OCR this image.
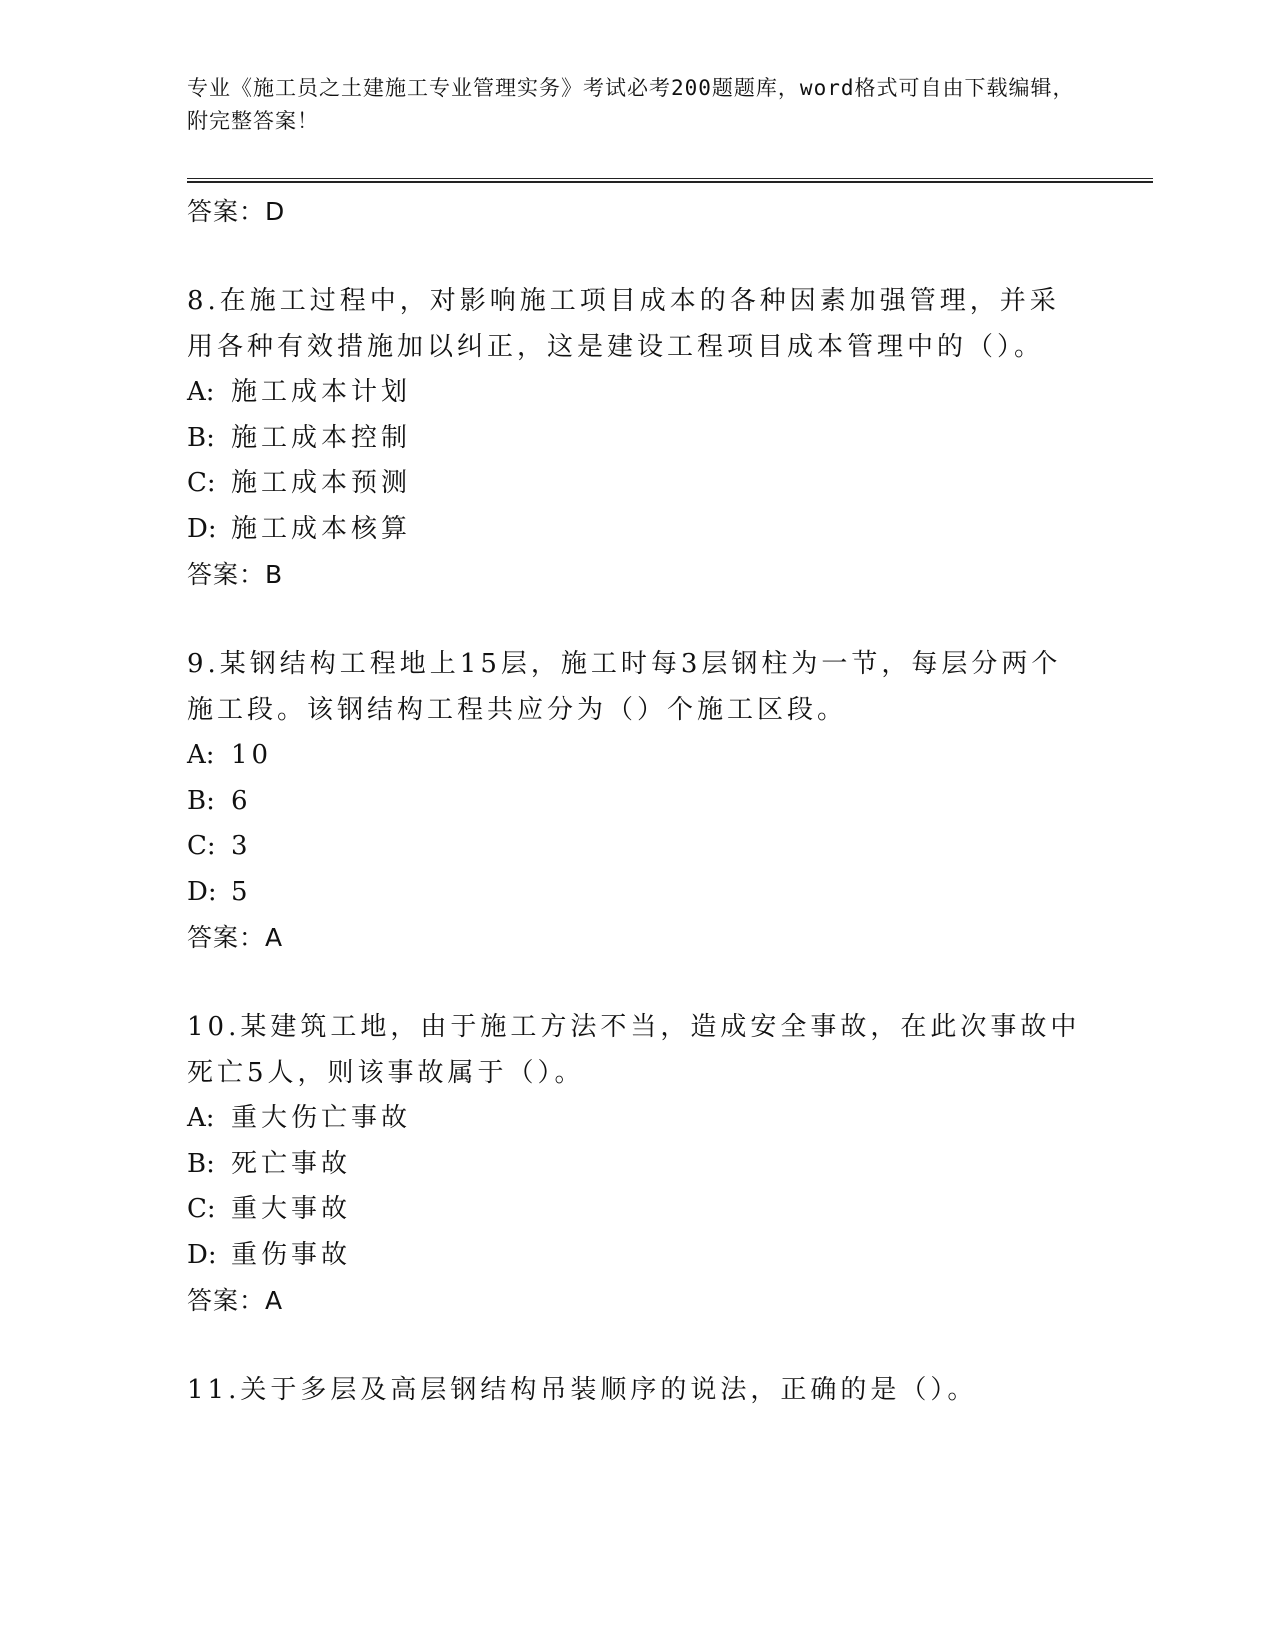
专业《施工员之土建施工专业管理实务》考试必考200题题库，word格式可自由下载编辑，附完整答案！
答案：D
8.在施工过程中，对影响施工项目成本的各种因素加强管理，并采用各种有效措施加以纠正，这是建设工程项目成本管理中的（）。
A: 施工成本计划
B: 施工成本控制
C: 施工成本预测
D: 施工成本核算
答案：B
9.某钢结构工程地上15层，施工时每3层钢柱为一节，每层分两个施工段。该钢结构工程共应分为（）个施工区段。
A: 10
B: 6
C: 3
D: 5
答案：A
10.某建筑工地，由于施工方法不当，造成安全事故，在此次事故中死亡5人，则该事故属于（）。
A: 重大伤亡事故
B: 死亡事故
C: 重大事故
D: 重伤事故
答案：A
11.关于多层及高层钢结构吊装顺序的说法，正确的是（）。
